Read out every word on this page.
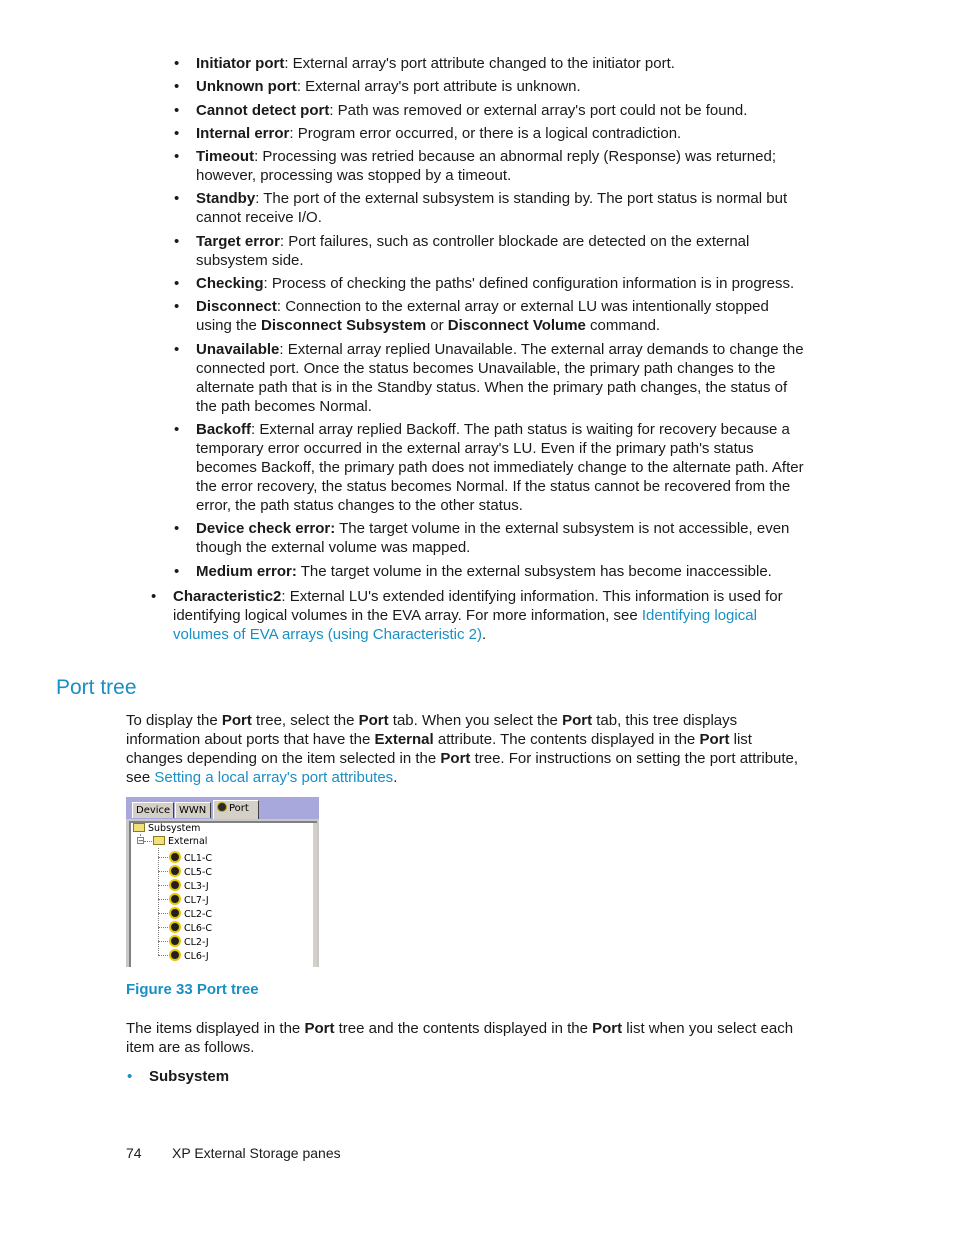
• Initiator port: External array's port attribute changed to the initiator port.
• Unknown port: External array's port attribute is unknown.
• Cannot detect port: Path was removed or external array's port could not be found.
• Internal error: Program error occurred, or there is a logical contradiction.
• Timeout: Processing was retried because an abnormal reply (Response) was returned; however, processing was stopped by a timeout.
• Standby: The port of the external subsystem is standing by. The port status is normal but cannot receive I/O.
• Target error: Port failures, such as controller blockade are detected on the external subsystem side.
• Checking: Process of checking the paths' defined configuration information is in progress.
• Disconnect: Connection to the external array or external LU was intentionally stopped using the Disconnect Subsystem or Disconnect Volume command.
• Unavailable: External array replied Unavailable. The external array demands to change the connected port. Once the status becomes Unavailable, the primary path changes to the alternate path that is in the Standby status. When the primary path changes, the status of the path becomes Normal.
• Backoff: External array replied Backoff. The path status is waiting for recovery because a temporary error occurred in the external array's LU. Even if the primary path's status becomes Backoff, the primary path does not immediately change to the alternate path. After the error recovery, the status becomes Normal. If the status cannot be recovered from the error, the path status changes to the other status.
• Device check error: The target volume in the external subsystem is not accessible, even though the external volume was mapped.
• Medium error: The target volume in the external subsystem has become inaccessible.
• Characteristic2: External LU's extended identifying information. This information is used for identifying logical volumes in the EVA array. For more information, see Identifying logical volumes of EVA arrays (using Characteristic 2).
Port tree
To display the Port tree, select the Port tab. When you select the Port tab, this tree displays information about ports that have the External attribute. The contents displayed in the Port list changes depending on the item selected in the Port tree. For instructions on setting the port attribute, see Setting a local array's port attributes.
Device WWN	Port
Subsystem
−	External
CL1-C
CL5-C
CL3-J
CL7-J
CL2-C
CL6-C
CL2-J
CL6-J
Figure 33 Port tree
The items displayed in the Port tree and the contents displayed in the Port list when you select each item are as follows.
• Subsystem
74 XP External Storage panes
